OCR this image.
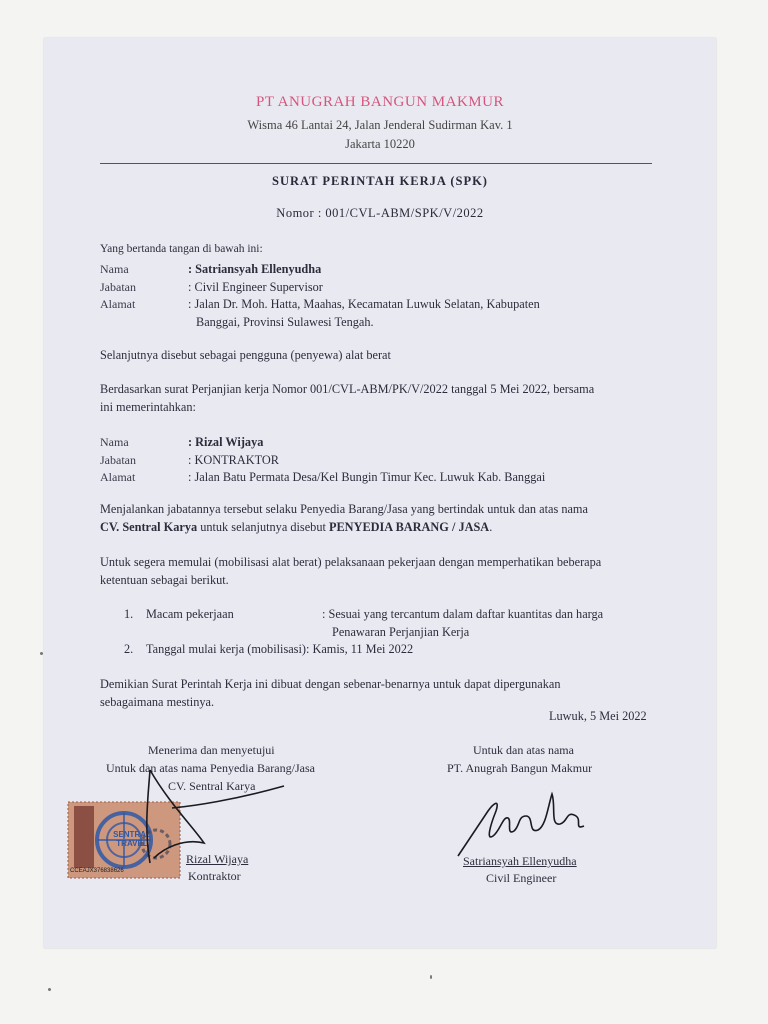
PT ANUGRAH BANGUN MAKMUR
Wisma 46 Lantai 24, Jalan Jenderal Sudirman Kav. 1
Jakarta 10220
SURAT PERINTAH KERJA (SPK)
Nomor : 001/CVL-ABM/SPK/V/2022
Yang bertanda tangan di bawah ini:
Nama	: Satriansyah Ellenyudha
Jabatan	: Civil Engineer Supervisor
Alamat	: Jalan Dr. Moh. Hatta, Maahas, Kecamatan Luwuk Selatan, Kabupaten
Banggai, Provinsi Sulawesi Tengah.
Selanjutnya disebut sebagai pengguna (penyewa) alat berat
Berdasarkan surat Perjanjian kerja Nomor 001/CVL-ABM/PK/V/2022 tanggal 5 Mei 2022, bersama
ini memerintahkan:
Nama	: Rizal Wijaya
Jabatan	: KONTRAKTOR
Alamat	: Jalan Batu Permata Desa/Kel Bungin Timur Kec. Luwuk Kab. Banggai
Menjalankan jabatannya tersebut selaku Penyedia Barang/Jasa yang bertindak untuk dan atas nama
CV. Sentral Karya untuk selanjutnya disebut PENYEDIA BARANG / JASA.
Untuk segera memulai (mobilisasi alat berat) pelaksanaan pekerjaan dengan memperhatikan beberapa
ketentuan sebagai berikut.
1. Macam pekerjaan	: Sesuai yang tercantum dalam daftar kuantitas dan harga
Penawaran Perjanjian Kerja
2. Tanggal mulai kerja (mobilisasi): Kamis, 11 Mei 2022
Demikian Surat Perintah Kerja ini dibuat dengan sebenar-benarnya untuk dapat dipergunakan
sebagaimana mestinya.
Luwuk, 5 Mei 2022
Menerima dan menyetujui
Untuk dan atas nama Penyedia Barang/Jasa
CV. Sentral Karya
SENTRAL TRAVEL
CCEAJX376838626
Rizal Wijaya
Kontraktor
Untuk dan atas nama
PT. Anugrah Bangun Makmur
Satriansyah Ellenyudha
Civil Engineer
